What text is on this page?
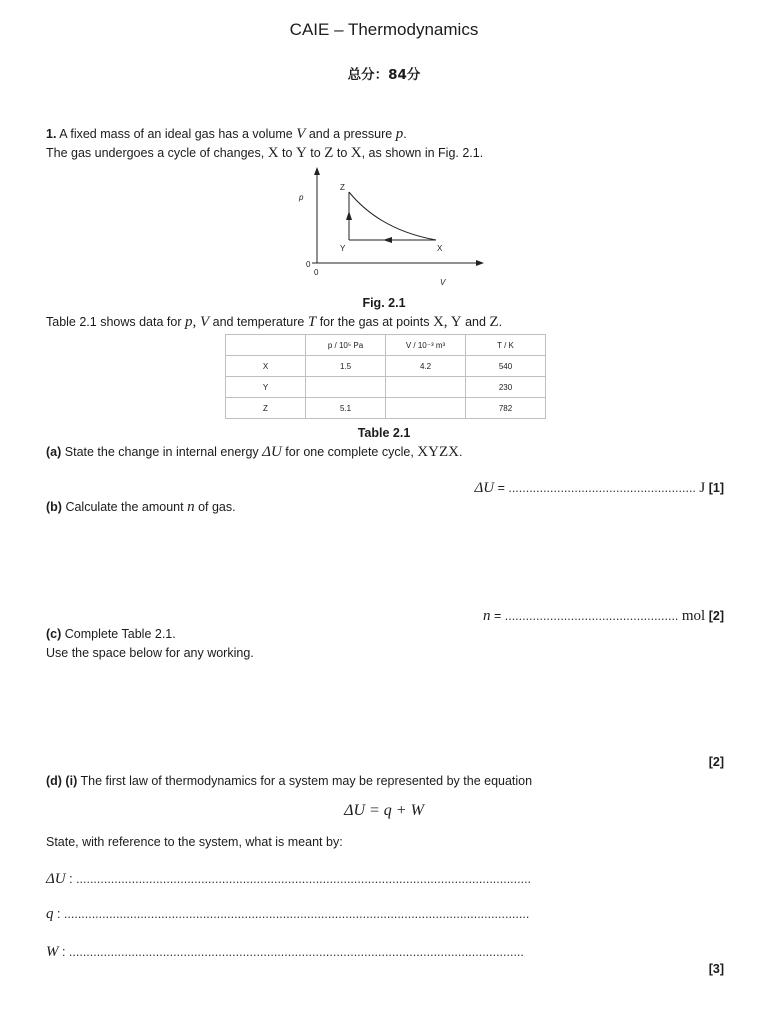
CAIE – Thermodynamics
总分：84分
1. A fixed mass of an ideal gas has a volume V and a pressure p.
The gas undergoes a cycle of changes, X to Y to Z to X, as shown in Fig. 2.1.
p
V
0
0
Z
Y	X
Fig. 2.1
Table 2.1 shows data for p, V and temperature T for the gas at points X, Y and Z.
	p / 10⁵ Pa	V / 10⁻³ m³	T / K
X	1.5	4.2	540
Y			230
Z	5.1		782
Table 2.1
(a) State the change in internal energy ΔU for one complete cycle, XYZX.
ΔU = ...................................................... J [1]
(b) Calculate the amount n of gas.
n = .................................................. mol [2]
(c) Complete Table 2.1.
Use the space below for any working.
[2]
(d) (i) The first law of thermodynamics for a system may be represented by the equation
ΔU = q + W
State, with reference to the system, what is meant by:
ΔU : ...................................................................................................................................
q : ......................................................................................................................................
W : ...................................................................................................................................
[3]
